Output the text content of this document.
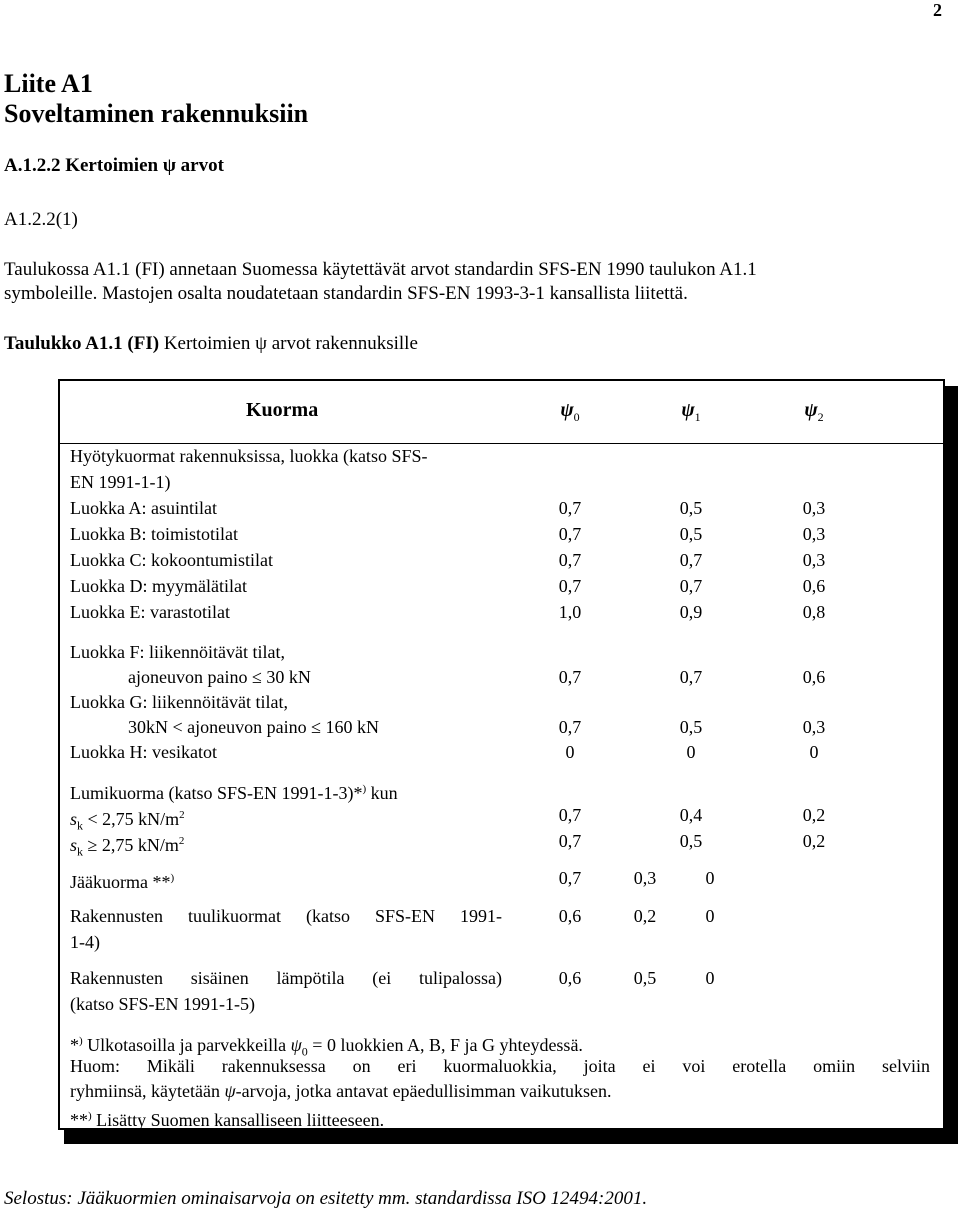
2
Liite A1
Soveltaminen rakennuksiin
A.1.2.2 Kertoimien ψ arvot
A1.2.2(1)
Taulukossa A1.1 (FI) annetaan Suomessa käytettävät arvot standardin SFS-EN 1990 taulukon A1.1
symboleille. Mastojen osalta noudatetaan standardin SFS-EN 1993-3-1 kansallista liitettä.
Taulukko A1.1 (FI) Kertoimien ψ arvot rakennuksille
Kuorma	$\psi_0$	$\psi_1$	$\psi_2$
Hyötykuormat rakennuksissa, luokka (katso SFS-
EN 1991-1-1)
Luokka A: asuintilat	0,7	0,5	0,3
Luokka B: toimistotilat	0,7	0,5	0,3
Luokka C: kokoontumistilat	0,7	0,7	0,3
Luokka D: myymälätilat	0,7	0,7	0,6
Luokka E: varastotilat	1,0	0,9	0,8
Luokka F: liikennöitävät tilat,
ajoneuvon paino ≤ 30 kN	0,7	0,7	0,6
Luokka G: liikennöitävät tilat,
30kN < ajoneuvon paino ≤ 160 kN	0,7	0,5	0,3
Luokka H: vesikatot	0	0	0
Lumikuorma (katso SFS-EN 1991-1-3)*) kun
$s_k < 2,75$ $kN/m^2$	0,7	0,4	0,2
$s_k \ge 2,75$ $kN/m^2$	0,7	0,5	0,2
Jääkuorma **)	0,7	0,3	0
Rakennusten tuulikuormat (katso SFS-EN 1991-
1-4)
0,6	0,2	0
Rakennusten sisäinen lämpötila (ei tulipalossa)
(katso SFS-EN 1991-1-5)
0,6	0,5	0
*) Ulkotasoilla ja parvekkeilla $\psi_0 = 0$ luokkien A, B, F ja G yhteydessä.
Huom: Mikäli rakennuksessa on eri kuormaluokkia, joita ei voi erotella omiin selviin
ryhmiinsä, käytetään ψ-arvoja, jotka antavat epäedullisimman vaikutuksen.
**) Lisätty Suomen kansalliseen liitteeseen.
Selostus: Jääkuormien ominaisarvoja on esitetty mm. standardissa ISO 12494:2001.
